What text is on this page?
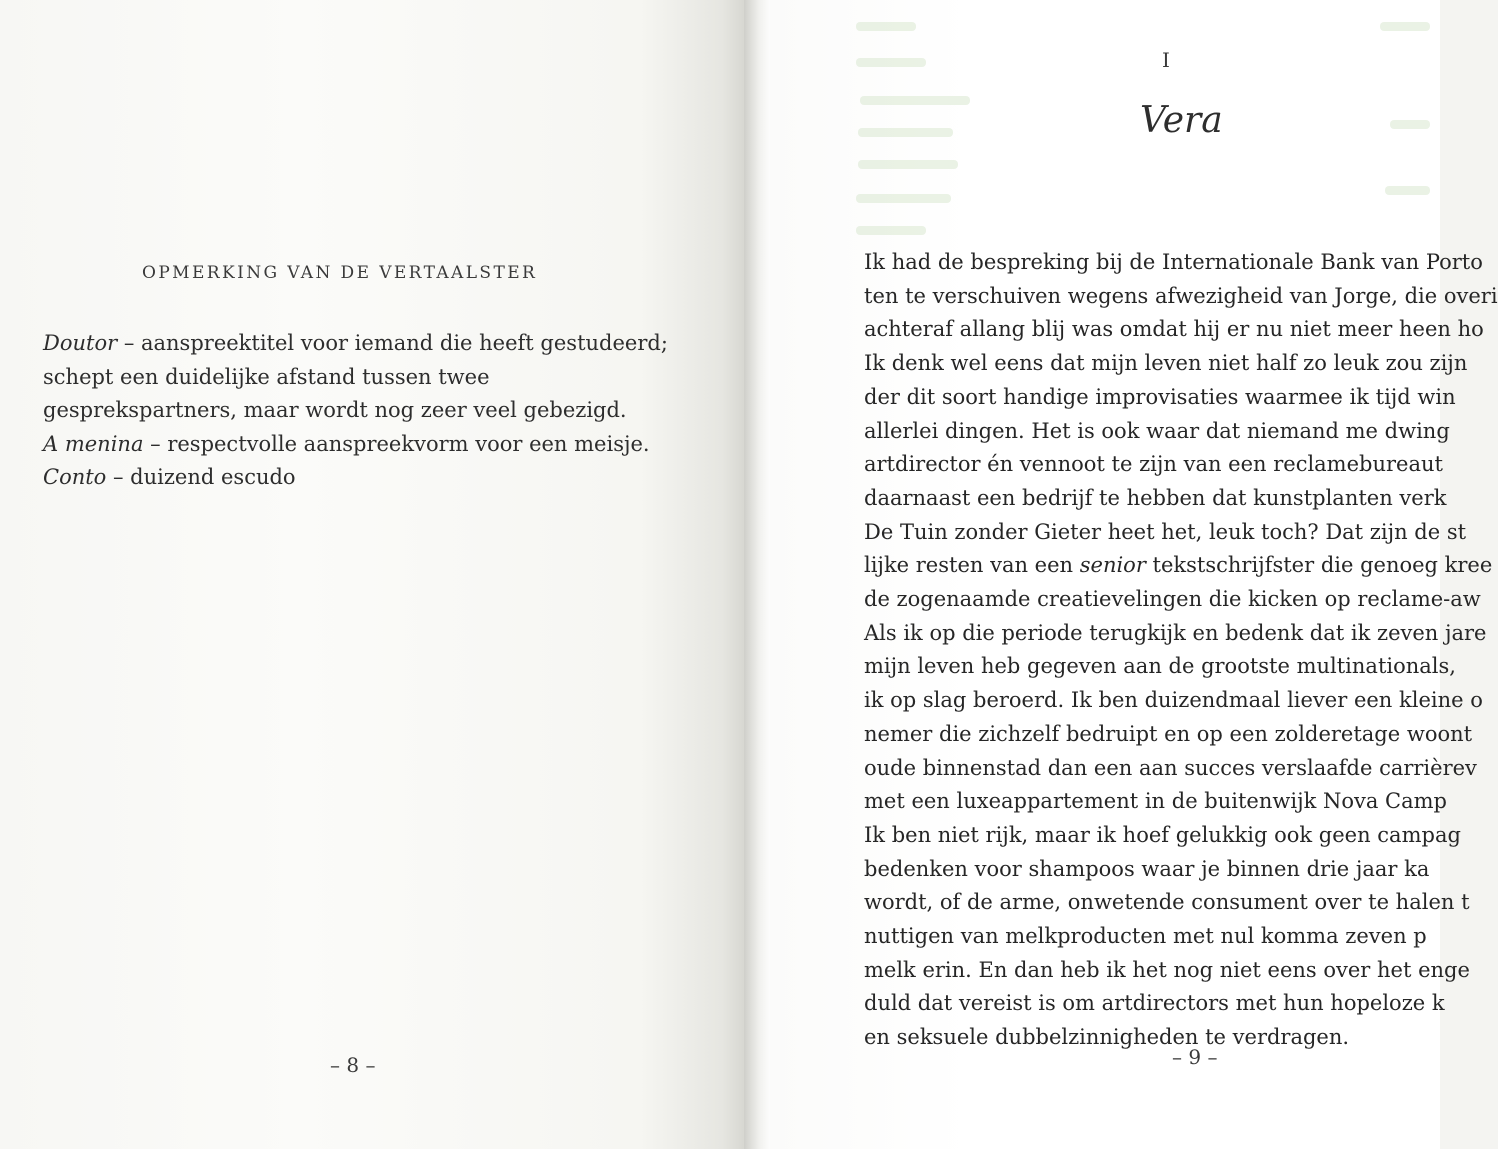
OPMERKING VAN DE VERTAALSTER

Doutor – aanspreektitel voor iemand die heeft gestudeerd; schept een duidelijke afstand tussen twee gesprekspartners, maar wordt nog zeer veel gebezigd.

A menina – respectvolle aanspreekvorm voor een meisje.

Conto – duizend escudo

– 8 –
I
Vera
Ik had de bespreking bij de Internationale Bank van Porto
ten te verschuiven wegens afwezigheid van Jorge, die overi
achteraf allang blij was omdat hij er nu niet meer heen ho
Ik denk wel eens dat mijn leven niet half zo leuk zou zijn
der dit soort handige improvisaties waarmee ik tijd win
allerlei dingen. Het is ook waar dat niemand me dwing
artdirector én vennoot te zijn van een reclamebureaut
daarnaast een bedrijf te hebben dat kunstplanten verk
De Tuin zonder Gieter heet het, leuk toch? Dat zijn de st
lijke resten van een senior tekstschrijfster die genoeg kree
de zogenaamde creatievelingen die kicken op reclame-aw
Als ik op die periode terugkijk en bedenk dat ik zeven jare
mijn leven heb gegeven aan de grootste multinationals,
ik op slag beroerd. Ik ben duizendmaal liever een kleine o
nemer die zichzelf bedruipt en op een zolderetage woont
oude binnenstad dan een aan succes verslaafde carrièrev
met een luxeappartement in de buitenwijk Nova Camp
Ik ben niet rijk, maar ik hoef gelukkig ook geen campag
bedenken voor shampoos waar je binnen drie jaar ka
wordt, of de arme, onwetende consument over te halen t
nuttigen van melkproducten met nul komma zeven p
melk erin. En dan heb ik het nog niet eens over het enge
duld dat vereist is om artdirectors met hun hopeloze k
en seksuele dubbelzinnigheden te verdragen.
– 9 –
